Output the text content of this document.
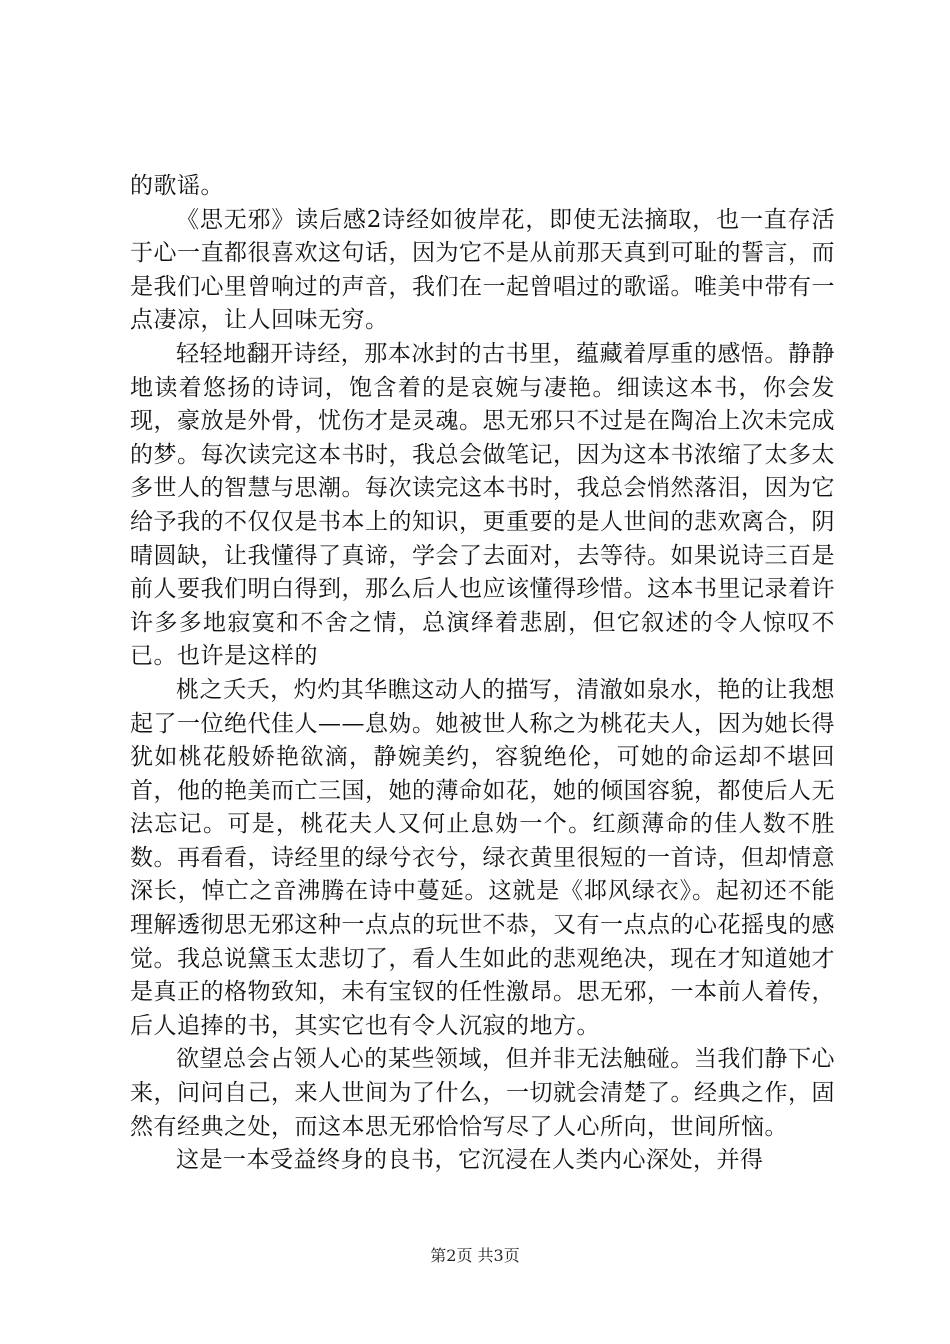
的歌谣。

《思无邪》读后感2诗经如彼岸花，即使无法摘取，也一直存活于心一直都很喜欢这句话，因为它不是从前那天真到可耻的誓言，而是我们心里曾响过的声音，我们在一起曾唱过的歌谣。唯美中带有一点凄凉，让人回味无穷。

轻轻地翻开诗经，那本冰封的古书里，蕴藏着厚重的感悟。静静地读着悠扬的诗词，饱含着的是哀婉与凄艳。细读这本书，你会发现，豪放是外骨，忧伤才是灵魂。思无邪只不过是在陶冶上次未完成的梦。每次读完这本书时，我总会做笔记，因为这本书浓缩了太多太多世人的智慧与思潮。每次读完这本书时，我总会悄然落泪，因为它给予我的不仅仅是书本上的知识，更重要的是人世间的悲欢离合，阴晴圆缺，让我懂得了真谛，学会了去面对，去等待。如果说诗三百是前人要我们明白得到，那么后人也应该懂得珍惜。这本书里记录着许许多多地寂寞和不舍之情，总演绎着悲剧，但它叙述的令人惊叹不已。也许是这样的

桃之夭夭，灼灼其华瞧这动人的描写，清澈如泉水，艳的让我想起了一位绝代佳人——息妫。她被世人称之为桃花夫人，因为她长得犹如桃花般娇艳欲滴，静婉美约，容貌绝伦，可她的命运却不堪回首，他的艳美而亡三国，她的薄命如花，她的倾国容貌，都使后人无法忘记。可是，桃花夫人又何止息妫一个。红颜薄命的佳人数不胜数。再看看，诗经里的绿兮衣兮，绿衣黄里很短的一首诗，但却情意深长，悼亡之音沸腾在诗中蔓延。这就是《邶风绿衣》。起初还不能理解透彻思无邪这种一点点的玩世不恭，又有一点点的心花摇曳的感觉。我总说黛玉太悲切了，看人生如此的悲观绝决，现在才知道她才是真正的格物致知，未有宝钗的任性激昂。思无邪，一本前人着传，后人追捧的书，其实它也有令人沉寂的地方。

欲望总会占领人心的某些领域，但并非无法触碰。当我们静下心来，问问自己，来人世间为了什么，一切就会清楚了。经典之作，固然有经典之处，而这本思无邪恰恰写尽了人心所向，世间所恼。

这是一本受益终身的良书，它沉浸在人类内心深处，并得

第2页 共3页
